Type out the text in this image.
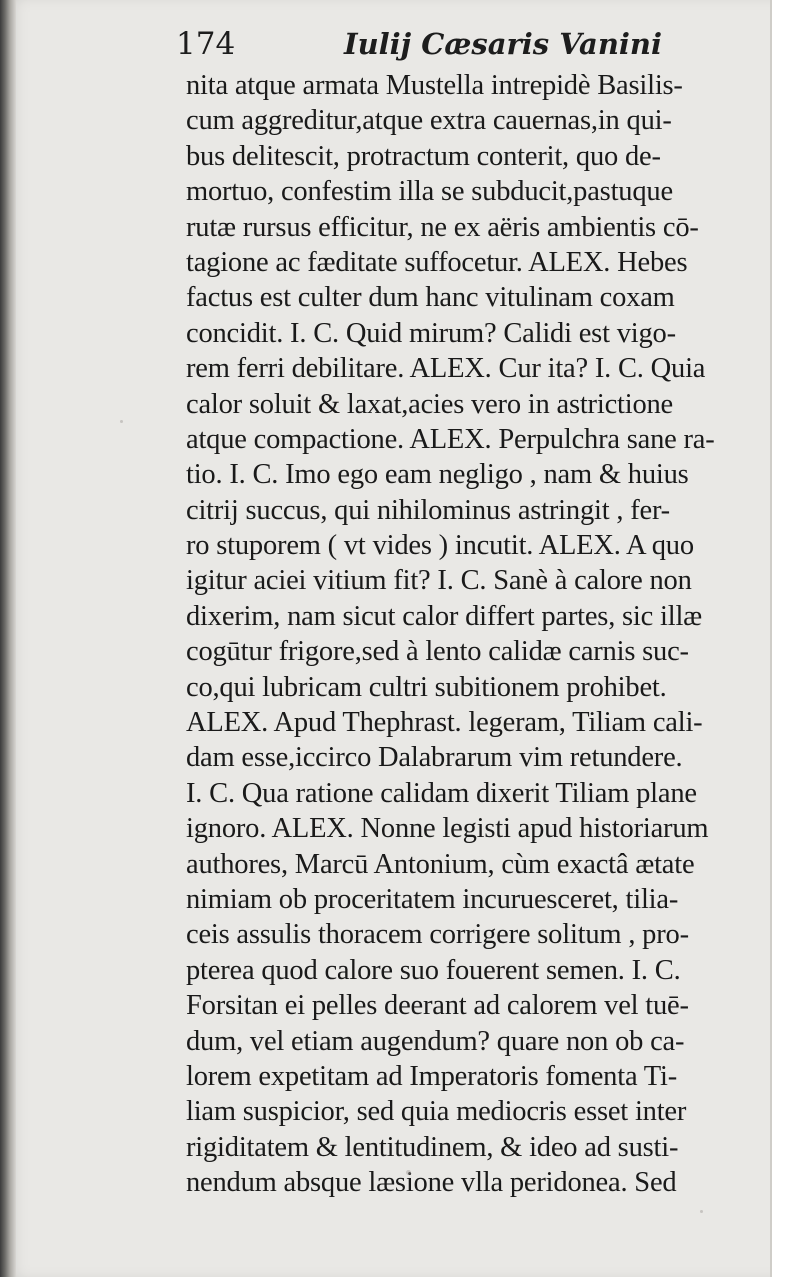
174	Iulij Cæsaris Vanini
nita atque armata Mustella intrepidè Basilis-
cum aggreditur,atque extra cauernas,in qui-
bus delitescit, protractum conterit, quo de-
mortuo, confestim illa se subducit,pastuque
rutæ rursus efficitur, ne ex aëris ambientis cō-
tagione ac fæditate suffocetur. ALEX. Hebes
factus est culter dum hanc vitulinam coxam
concidit. I. C. Quid mirum? Calidi est vigo-
rem ferri debilitare. ALEX. Cur ita? I. C. Quia
calor soluit & laxat,acies vero in astrictione
atque compactione. ALEX. Perpulchra sane ra-
tio. I. C. Imo ego eam negligo , nam & huius
citrij succus, qui nihilominus astringit , fer-
ro stuporem ( vt vides ) incutit. ALEX. A quo
igitur aciei vitium fit? I. C. Sanè à calore non
dixerim, nam sicut calor differt partes, sic illæ
cogūtur frigore,sed à lento calidæ carnis suc-
co,qui lubricam cultri subitionem prohibet.
ALEX. Apud Thephrast. legeram, Tiliam cali-
dam esse,iccirco Dalabrarum vim retundere.
I. C. Qua ratione calidam dixerit Tiliam plane
ignoro. ALEX. Nonne legisti apud historiarum
authores, Marcū Antonium, cùm exactâ ætate
nimiam ob proceritatem incuruesceret, tilia-
ceis assulis thoracem corrigere solitum , pro-
pterea quod calore suo fouerent semen. I. C.
Forsitan ei pelles deerant ad calorem vel tuē-
dum, vel etiam augendum? quare non ob ca-
lorem expetitam ad Imperatoris fomenta Ti-
liam suspicior, sed quia mediocris esset inter
rigiditatem & lentitudinem, & ideo ad susti-
nendum absque læsione vlla peridonea. Sed
